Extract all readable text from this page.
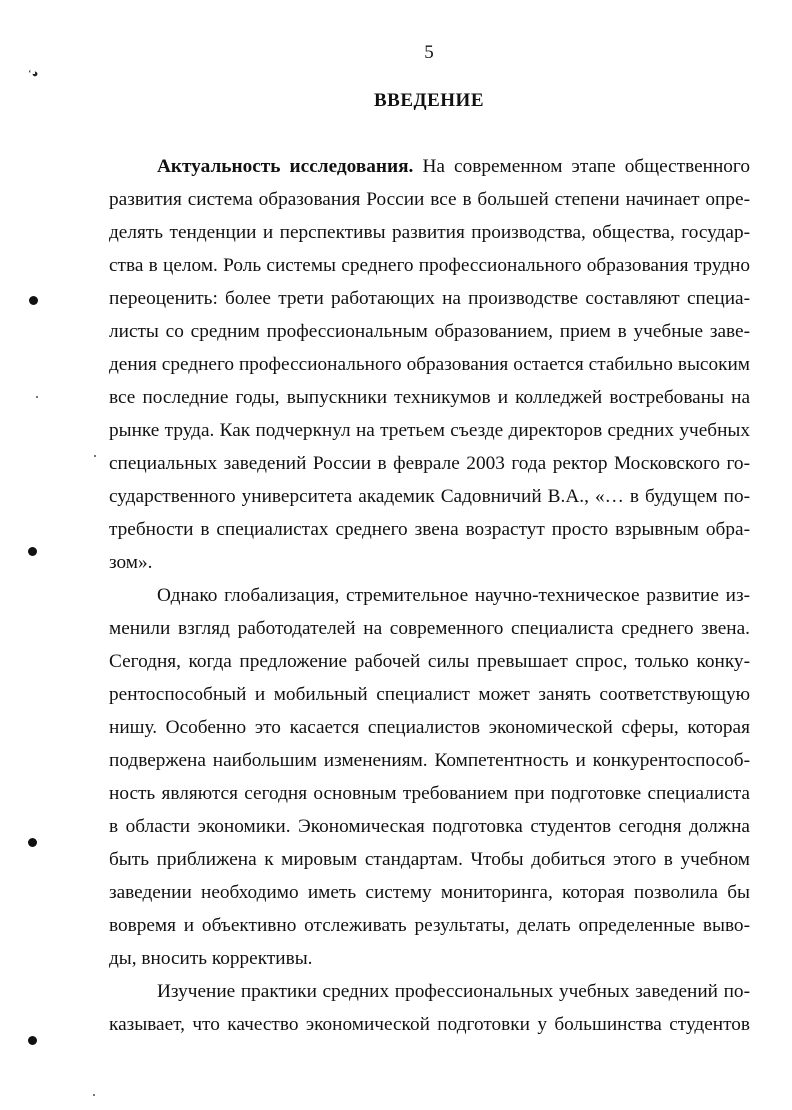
ʻ◕
5
ВВЕДЕНИЕ
Актуальность исследования. На современном этапе общественного
развития система образования России все в большей степени начинает опре-
делять тенденции и перспективы развития производства, общества, государ-
ства в целом. Роль системы среднего профессионального образования трудно
переоценить: более трети работающих на производстве составляют специа-
листы со средним профессиональным образованием, прием в учебные заве-
дения среднего профессионального образования остается стабильно высоким
все последние годы, выпускники техникумов и колледжей востребованы на
рынке труда. Как подчеркнул на третьем съезде директоров средних учебных
специальных заведений России в феврале 2003 года ректор Московского го-
сударственного университета академик Садовничий В.А., «… в будущем по-
требности в специалистах среднего звена возрастут просто взрывным обра-
зом».
Однако глобализация, стремительное научно-техническое развитие из-
менили взгляд работодателей на современного специалиста среднего звена.
Сегодня, когда предложение рабочей силы превышает спрос, только конку-
рентоспособный и мобильный специалист может занять соответствующую
нишу. Особенно это касается специалистов экономической сферы, которая
подвержена наибольшим изменениям. Компетентность и конкурентоспособ-
ность являются сегодня основным требованием при подготовке специалиста
в области экономики. Экономическая подготовка студентов сегодня должна
быть приближена к мировым стандартам. Чтобы добиться этого в учебном
заведении необходимо иметь систему мониторинга, которая позволила бы
вовремя и объективно отслеживать результаты, делать определенные выво-
ды, вносить коррективы.
Изучение практики средних профессиональных учебных заведений по-
казывает, что качество экономической подготовки у большинства студентов
